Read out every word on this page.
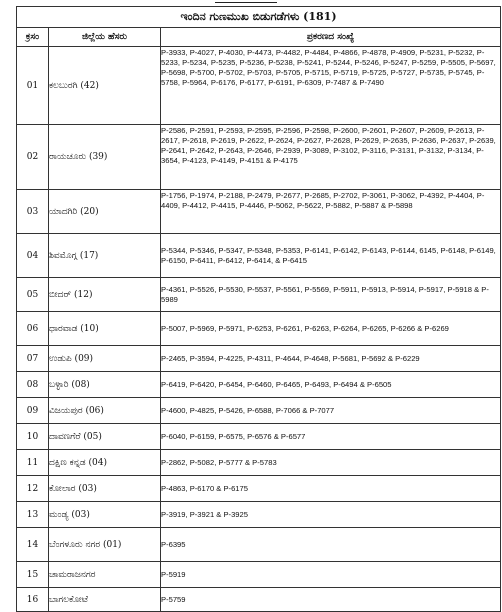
ಇಂದಿನ ಗುಣಮುಖ ಬಿಡುಗಡೆಗಳು (181)		
ಕ್ರಸಂ	ಜಿಲ್ಲೆಯ ಹೆಸರು	ಪ್ರಕರಣದ ಸಂಖ್ಯೆ
01	ಕಲಬುರಗಿ (42)	P-3933, P-4027, P-4030, P-4473, P-4482, P-4484, P-4866, P-4878, P-4909, P-5231, P-5232, P-5233, P-5234, P-5235, P-5236, P-5238, P-5241, P-5244, P-5246, P-5247, P-5259, P-5505, P-5697, P-5698, P-5700, P-5702, P-5703, P-5705, P-5715, P-5719, P-5725, P-5727, P-5735, P-5745, P-5758, P-5964, P-6176, P-6177, P-6191, P-6309, P-7487 & P-7490
02	ರಾಯಚೂರು (39)	P-2586, P-2591, P-2593, P-2595, P-2596, P-2598, P-2600, P-2601, P-2607, P-2609, P-2613, P-2617, P-2618, P-2619, P-2622, P-2624, P-2627, P-2628, P-2629, P-2635, P-2636, P-2637, P-2639, P-2641, P-2642, P-2643, P-2646, P-2939, P-3089, P-3102, P-3116, P-3131, P-3132, P-3134, P-3654, P-4123, P-4149, P-4151 & P-4175
03	ಯಾದಗಿರಿ (20)	P-1756, P-1974, P-2188, P-2479, P-2677, P-2685, P-2702, P-3061, P-3062, P-4392, P-4404, P-4409, P-4412, P-4415, P-4446, P-5062, P-5622, P-5882, P-5887 & P-5898
04	ಶಿವಮೊಗ್ಗ (17)	P-5344, P-5346, P-5347, P-5348, P-5353, P-6141, P-6142, P-6143, P-6144, 6145, P-6148, P-6149, P-6150, P-6411, P-6412, P-6414, & P-6415
05	ಬೀದರ್ (12)	P-4361, P-5526, P-5530, P-5537, P-5561, P-5569, P-5911, P-5913, P-5914, P-5917, P-5918 & P-5989
06	ಧಾರವಾಡ (10)	P-5007, P-5969, P-5971, P-6253, P-6261, P-6263, P-6264, P-6265, P-6266 & P-6269
07	ಉಡುಪಿ (09)	P-2465, P-3594, P-4225, P-4311, P-4644, P-4648, P-5681, P-5692 & P-6229
08	ಬಳ್ಳಾರಿ (08)	P-6419, P-6420, P-6454, P-6460, P-6465, P-6493, P-6494 & P-6505
09	ವಿಜಯಪುರ (06)	P-4600, P-4825, P-5426, P-6588, P-7066 & P-7077
10	ದಾವಣಗೆರೆ (05)	P-6040, P-6159, P-6575, P-6576 & P-6577
11	ದಕ್ಷಿಣ ಕನ್ನಡ (04)	P-2862, P-5082, P-5777 & P-5783
12	ಕೋಲಾರ (03)	P-4863, P-6170 & P-6175
13	ಮಂಡ್ಯ (03)	P-3919, P-3921 & P-3925
14	ಬೆಂಗಳೂರು ನಗರ (01)	P-6395
15	ಚಾಮರಾಜನಗರ	P-5919
16	ಬಾಗಲಕೋಟೆ	P-5759
